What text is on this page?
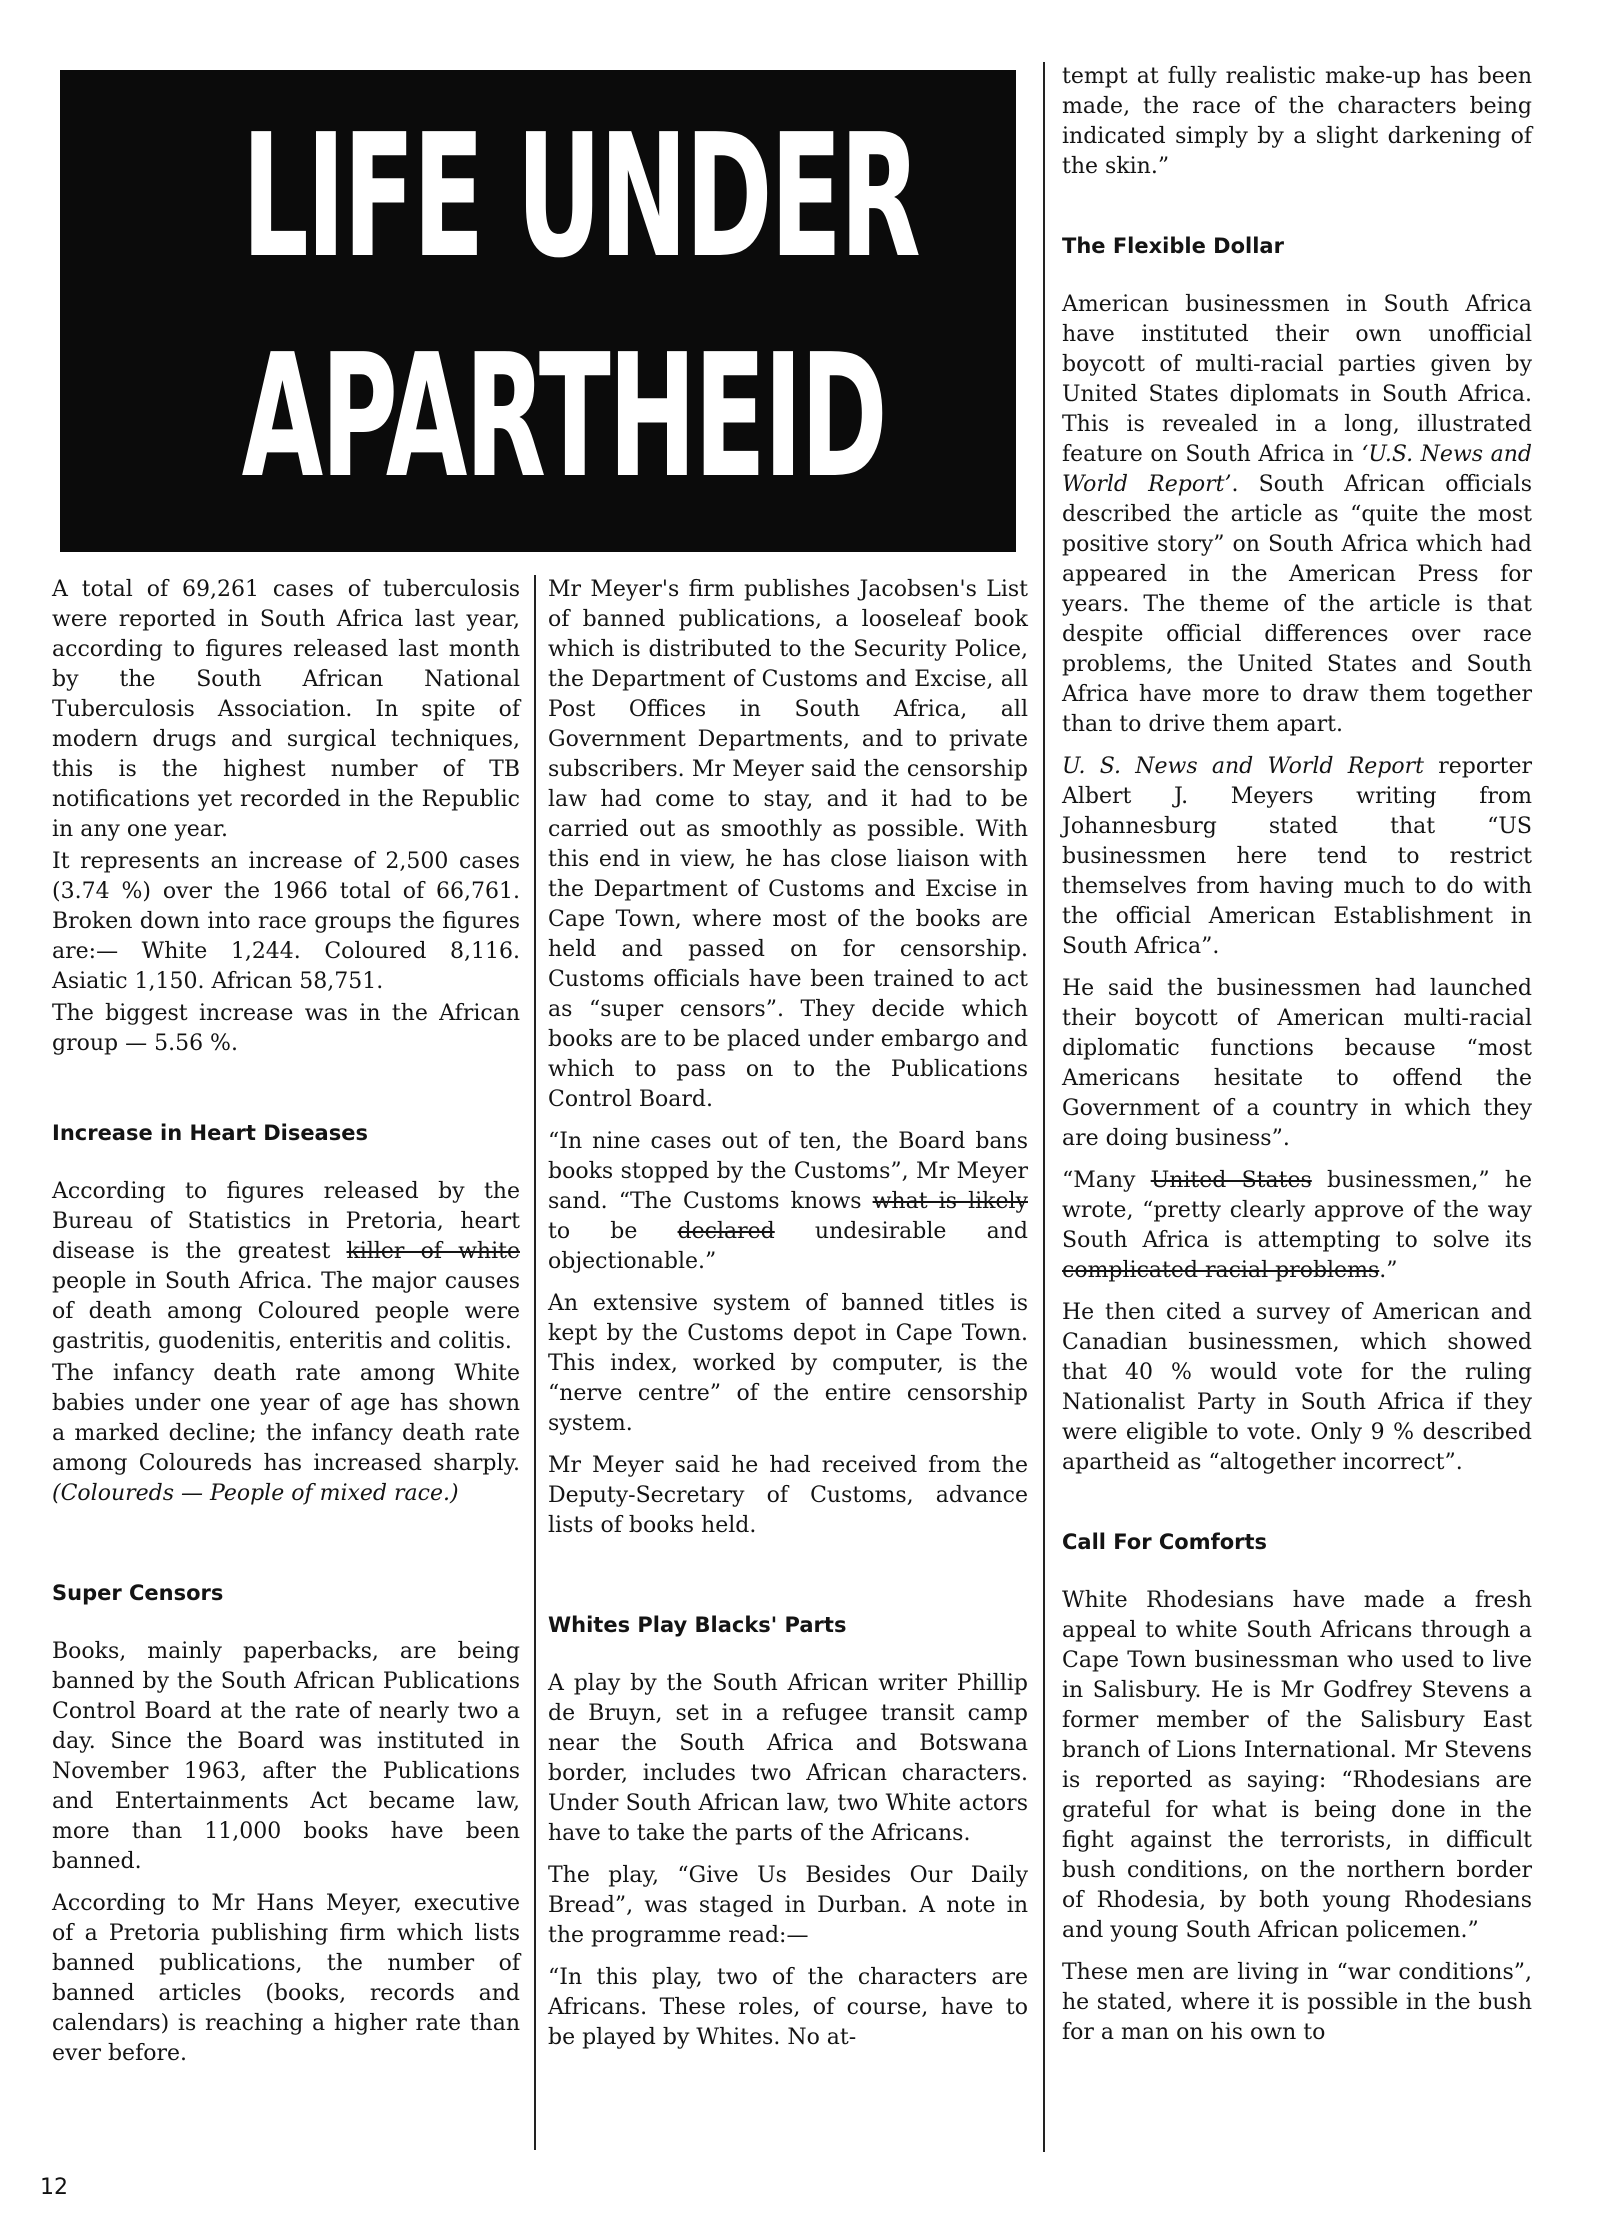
LIFE UNDER
APARTHEID

A total of 69,261 cases of tuberculosis were reported in South Africa last year, according to figures released last month by the South African National Tuberculosis Association. In spite of modern drugs and surgical techniques, this is the highest number of TB notifications yet recorded in the Republic in any one year.

It represents an increase of 2,500 cases (3.74 %) over the 1966 total of 66,761. Broken down into race groups the figures are:— White 1,244. Coloured 8,116. Asiatic 1,150. African 58,751.

The biggest increase was in the African group — 5.56 %.

Increase in Heart Diseases

According to figures released by the Bureau of Statistics in Pretoria, heart disease is the greatest killer of white people in South Africa. The major causes of death among Coloured people were gastritis, guodenitis, enteritis and colitis.

The infancy death rate among White babies under one year of age has shown a marked decline; the infancy death rate among Coloureds has increased sharply. (Coloureds — People of mixed race.)

Super Censors

Books, mainly paperbacks, are being banned by the South African Publications Control Board at the rate of nearly two a day. Since the Board was instituted in November 1963, after the Publications and Entertainments Act became law, more than 11,000 books have been banned.

According to Mr Hans Meyer, executive of a Pretoria publishing firm which lists banned publications, the number of banned articles (books, records and calendars) is reaching a higher rate than ever before.

Mr Meyer's firm publishes Jacobsen's List of banned publications, a looseleaf book which is distributed to the Security Police, the Department of Customs and Excise, all Post Offices in South Africa, all Government Departments, and to private subscribers. Mr Meyer said the censorship law had come to stay, and it had to be carried out as smoothly as possible. With this end in view, he has close liaison with the Department of Customs and Excise in Cape Town, where most of the books are held and passed on for censorship. Customs officials have been trained to act as “super censors”. They decide which books are to be placed under embargo and which to pass on to the Publications Control Board.

“In nine cases out of ten, the Board bans books stopped by the Customs”, Mr Meyer sand. “The Customs knows what is likely to be declared undesirable and objectionable.”

An extensive system of banned titles is kept by the Customs depot in Cape Town. This index, worked by computer, is the “nerve centre” of the entire censorship system.

Mr Meyer said he had received from the Deputy-Secretary of Customs, advance lists of books held.

Whites Play Blacks' Parts

A play by the South African writer Phillip de Bruyn, set in a refugee transit camp near the South Africa and Botswana border, includes two African characters. Under South African law, two White actors have to take the parts of the Africans.

The play, “Give Us Besides Our Daily Bread”, was staged in Durban. A note in the programme read:—

“In this play, two of the characters are Africans. These roles, of course, have to be played by Whites. No at-

tempt at fully realistic make-up has been made, the race of the characters being indicated simply by a slight darkening of the skin.”

The Flexible Dollar

American businessmen in South Africa have instituted their own unofficial boycott of multi-racial parties given by United States diplomats in South Africa. This is revealed in a long, illustrated feature on South Africa in ‘U.S. News and World Report’. South African officials described the article as “quite the most positive story” on South Africa which had appeared in the American Press for years. The theme of the article is that despite official differences over race problems, the United States and South Africa have more to draw them together than to drive them apart.

U. S. News and World Report reporter Albert J. Meyers writing from Johannesburg stated that “US businessmen here tend to restrict themselves from having much to do with the official American Establishment in South Africa”.

He said the businessmen had launched their boycott of American multi-racial diplomatic functions because “most Americans hesitate to offend the Government of a country in which they are doing business”.

“Many United States businessmen,” he wrote, “pretty clearly approve of the way South Africa is attempting to solve its complicated racial problems.”

He then cited a survey of American and Canadian businessmen, which showed that 40 % would vote for the ruling Nationalist Party in South Africa if they were eligible to vote. Only 9 % described apartheid as “altogether incorrect”.

Call For Comforts

White Rhodesians have made a fresh appeal to white South Africans through a Cape Town businessman who used to live in Salisbury. He is Mr Godfrey Stevens a former member of the Salisbury East branch of Lions International. Mr Stevens is reported as saying: “Rhodesians are grateful for what is being done in the fight against the terrorists, in difficult bush conditions, on the northern border of Rhodesia, by both young Rhodesians and young South African policemen.”

These men are living in “war conditions”, he stated, where it is possible in the bush for a man on his own to

12
